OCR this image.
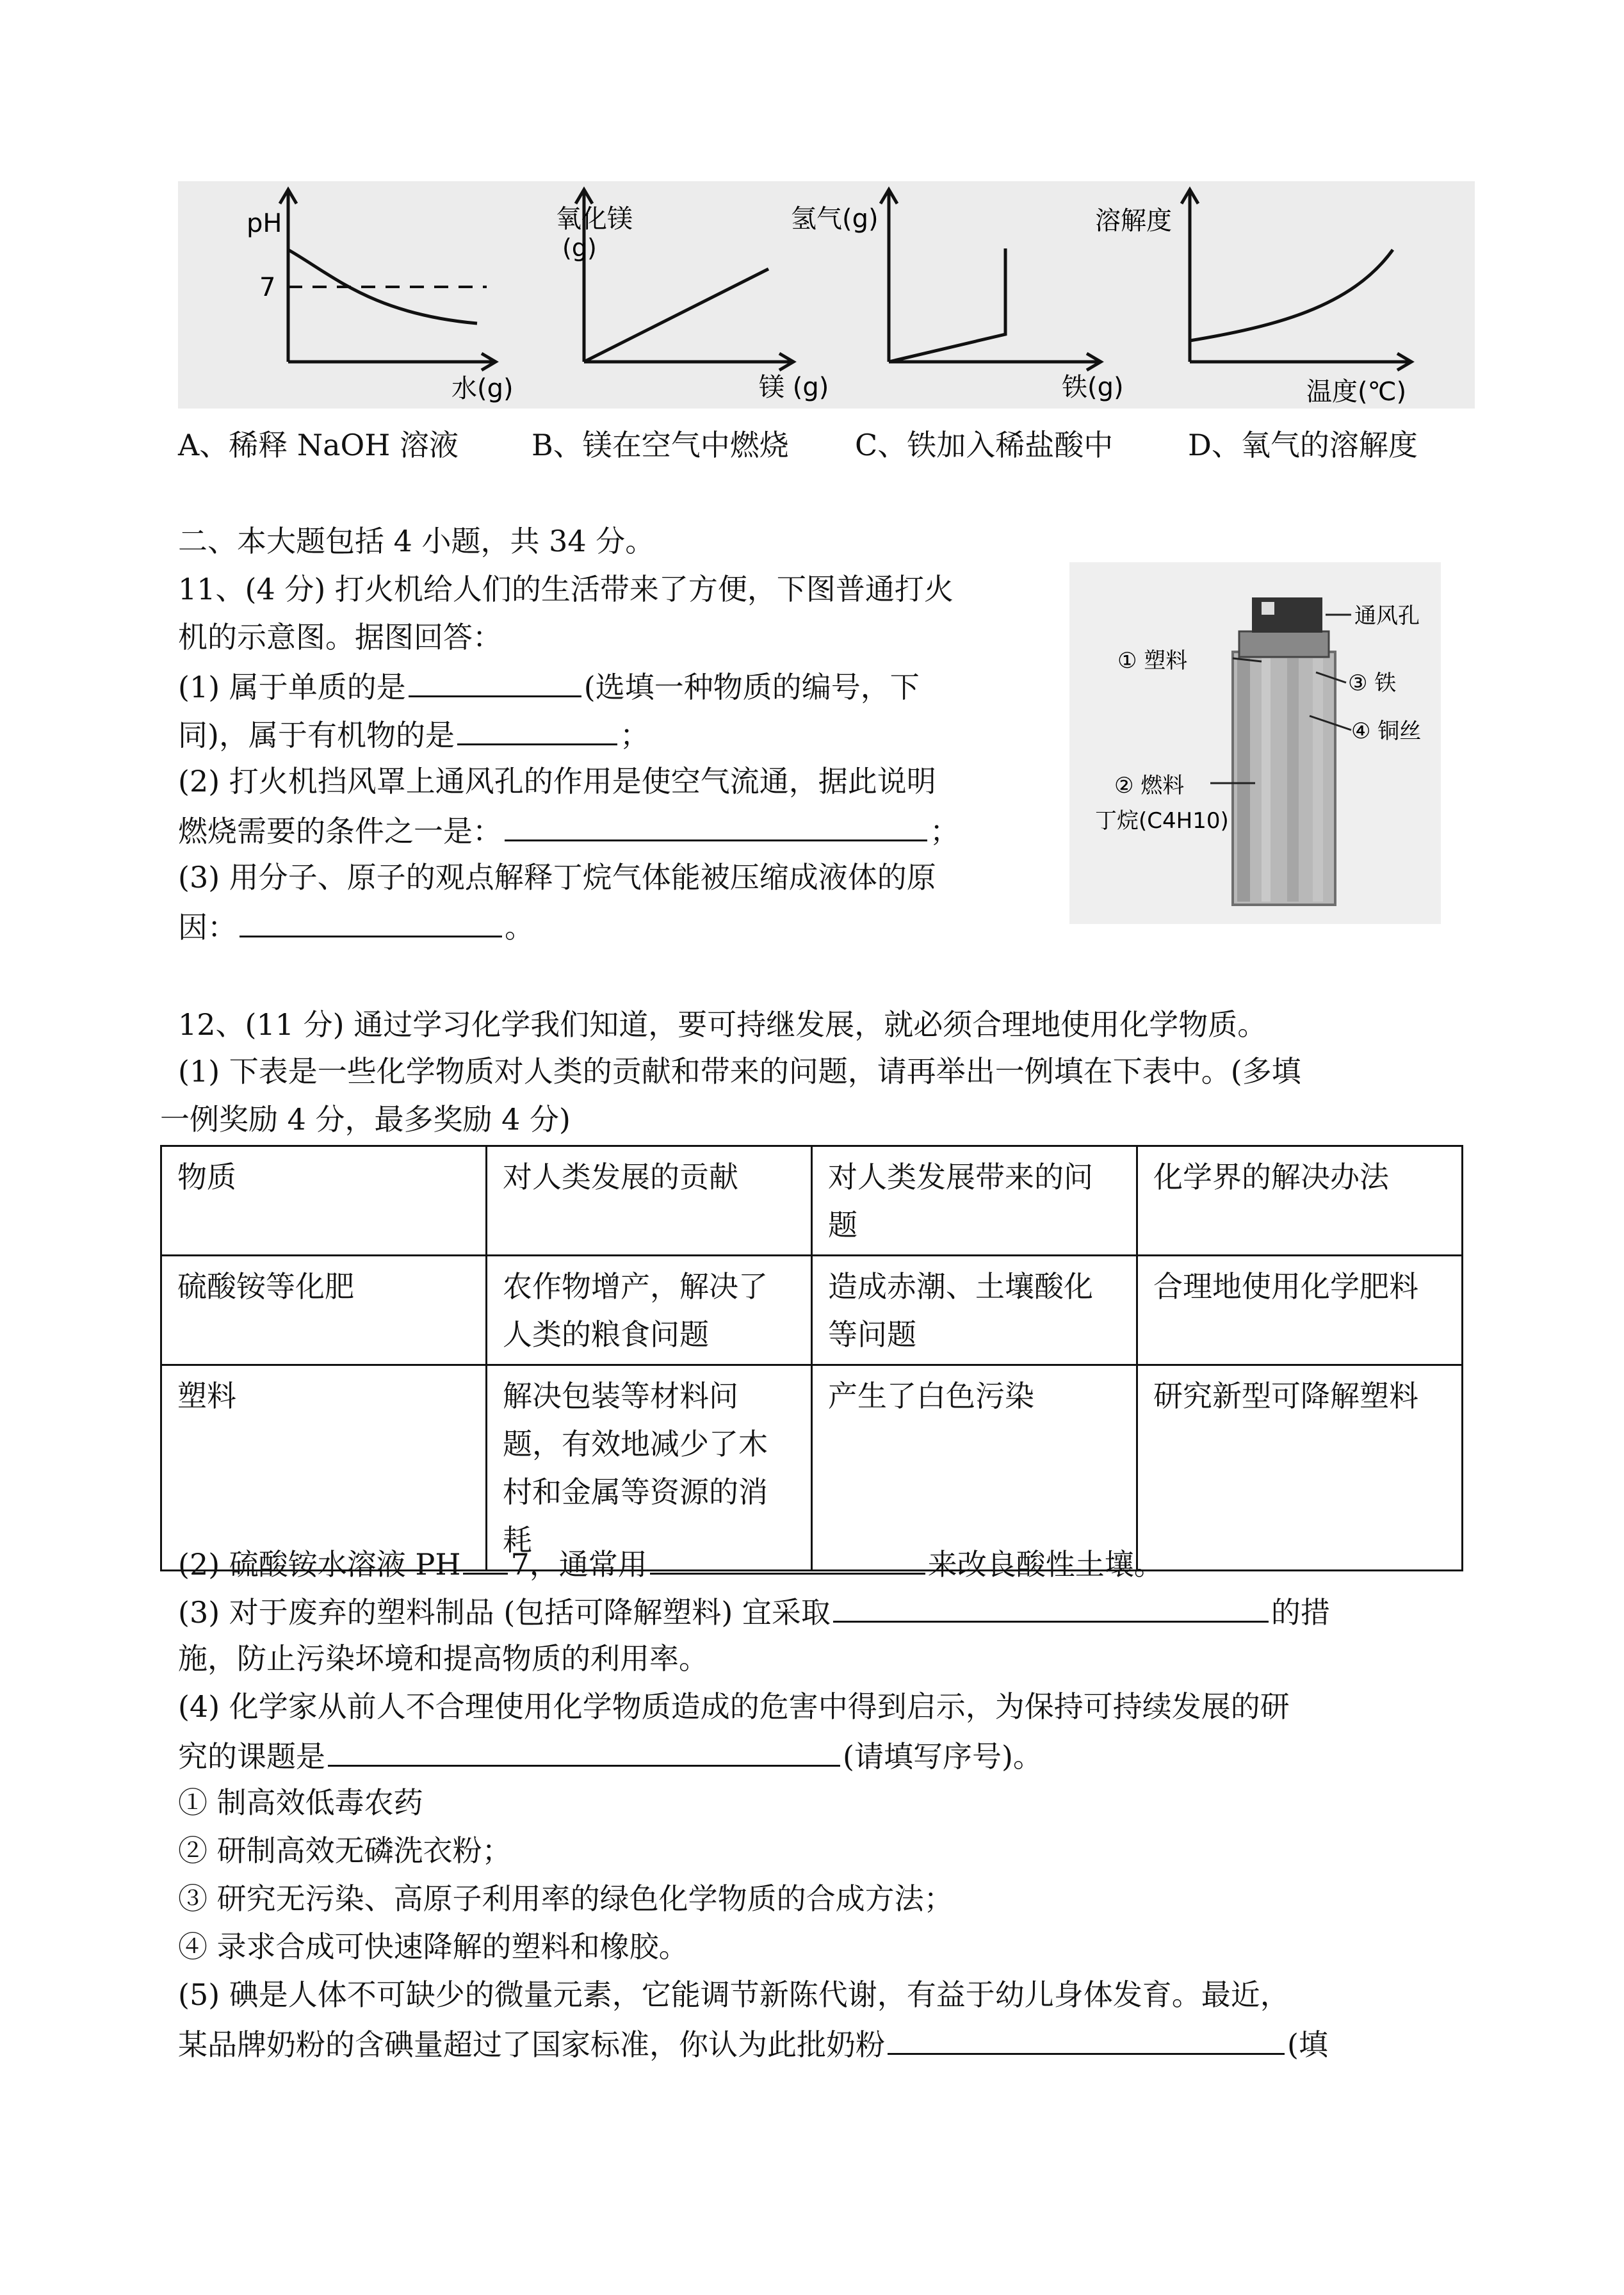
pH
7
水(g)
氧化镁
(g)
镁 (g)
氢气(g)
铁(g)
溶解度
温度(℃)
A、稀释 NaOH 溶液 B、镁在空气中燃烧 C、铁加入稀盐酸中	D、氧气的溶解度
二、本大题包括 4 小题，共 34 分。
11、(4 分) 打火机给人们的生活带来了方便，下图普通打火
机的示意图。据图回答：
(1) 属于单质的是	(选填一种物质的编号，下
同)，属于有机物的是	；
(2) 打火机挡风罩上通风孔的作用是使空气流通，据此说明
燃烧需要的条件之一是：	；
(3) 用分子、原子的观点解释丁烷气体能被压缩成液体的原
因：	。
通风孔
① 塑料
③ 铁
④ 铜丝
② 燃料
丁烷(C4H10)
12、(11 分) 通过学习化学我们知道，要可持继发展，就必须合理地使用化学物质。
(1) 下表是一些化学物质对人类的贡献和带来的问题，请再举出一例填在下表中。(多填
一例奖励 4 分，最多奖励 4 分)
物质	对人类发展的贡献	对人类发展带来的问题	化学界的解决办法
硫酸铵等化肥	农作物增产，解决了人类的粮食问题	造成赤潮、土壤酸化等问题	合理地使用化学肥料
塑料	解决包装等材料问题，有效地减少了木村和金属等资源的消耗	产生了白色污染	研究新型可降解塑料
(2) 硫酸铵水溶液 PH 7，通常用	来改良酸性土壤。
(3) 对于废弃的塑料制品 (包括可降解塑料) 宜采取	的措
施，防止污染坏境和提高物质的利用率。
(4) 化学家从前人不合理使用化学物质造成的危害中得到启示，为保持可持续发展的研
究的课题是	(请填写序号)。
① 制高效低毒农药
② 研制高效无磷洗衣粉；
③ 研究无污染、高原子利用率的绿色化学物质的合成方法；
④ 录求合成可快速降解的塑料和橡胶。
(5) 碘是人体不可缺少的微量元素，它能调节新陈代谢，有益于幼儿身体发育。最近，
某品牌奶粉的含碘量超过了国家标准，你认为此批奶粉	(填
